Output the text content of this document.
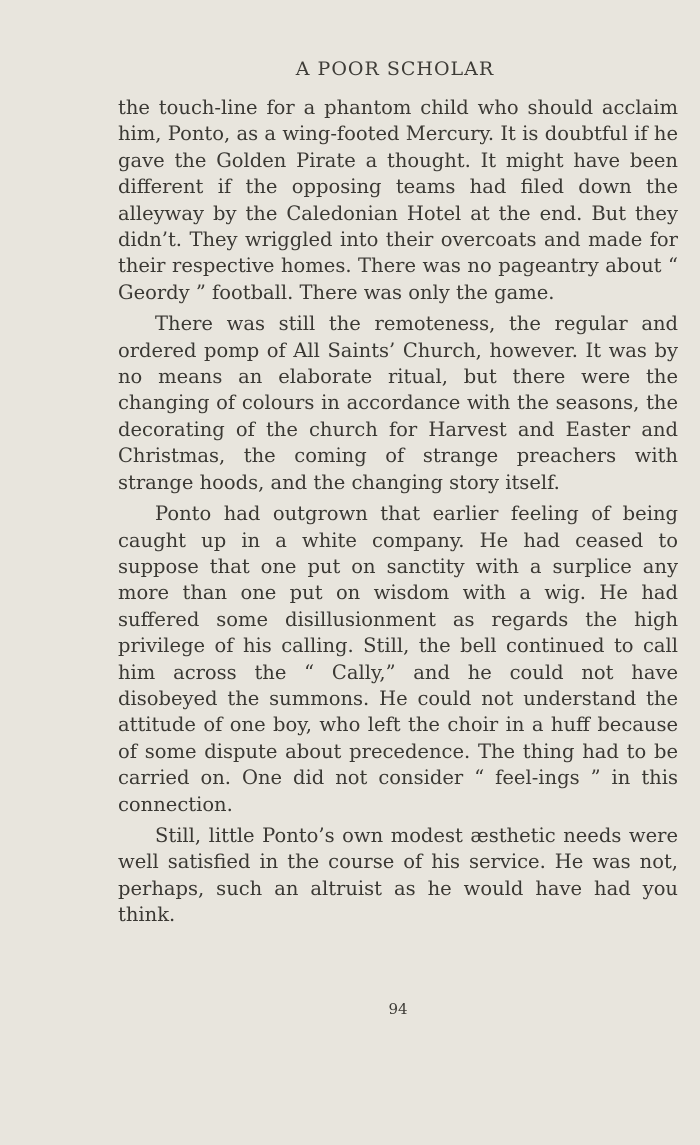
A POOR SCHOLAR

the touch-line for a phantom child who should acclaim him, Ponto, as a wing-footed Mercury. It is doubtful if he gave the Golden Pirate a thought. It might have been different if the opposing teams had filed down the alleyway by the Caledonian Hotel at the end. But they didn’t. They wriggled into their overcoats and made for their respective homes. There was no pageantry about “ Geordy ” football. There was only the game.

There was still the remoteness, the regular and ordered pomp of All Saints’ Church, however. It was by no means an elaborate ritual, but there were the changing of colours in accordance with the seasons, the decorating of the church for Harvest and Easter and Christmas, the coming of strange preachers with strange hoods, and the changing story itself.

Ponto had outgrown that earlier feeling of being caught up in a white company. He had ceased to suppose that one put on sanctity with a surplice any more than one put on wisdom with a wig. He had suffered some disillusionment as regards the high privilege of his calling. Still, the bell continued to call him across the “ Cally,” and he could not have disobeyed the summons. He could not understand the attitude of one boy, who left the choir in a huff because of some dispute about precedence. The thing had to be carried on. One did not consider “ feel-ings ” in this connection.

Still, little Ponto’s own modest æsthetic needs were well satisfied in the course of his service. He was not, perhaps, such an altruist as he would have had you think.

94
